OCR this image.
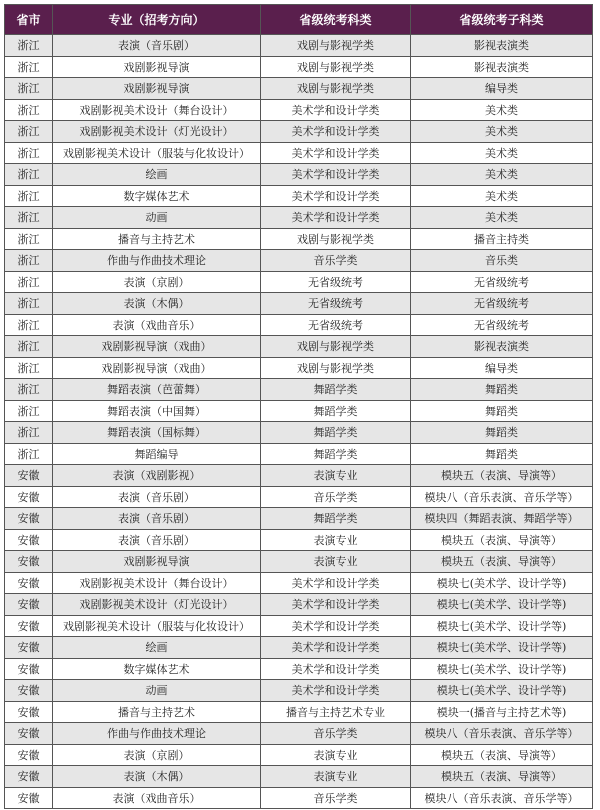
省市	专业（招考方向）	省级统考科类	省级统考子科类
浙江	表演（音乐剧）	戏剧与影视学类	影视表演类
浙江	戏剧影视导演	戏剧与影视学类	影视表演类
浙江	戏剧影视导演	戏剧与影视学类	编导类
浙江	戏剧影视美术设计（舞台设计）	美术学和设计学类	美术类
浙江	戏剧影视美术设计（灯光设计）	美术学和设计学类	美术类
浙江	戏剧影视美术设计（服装与化妆设计）	美术学和设计学类	美术类
浙江	绘画	美术学和设计学类	美术类
浙江	数字媒体艺术	美术学和设计学类	美术类
浙江	动画	美术学和设计学类	美术类
浙江	播音与主持艺术	戏剧与影视学类	播音主持类
浙江	作曲与作曲技术理论	音乐学类	音乐类
浙江	表演（京剧）	无省级统考	无省级统考
浙江	表演（木偶）	无省级统考	无省级统考
浙江	表演（戏曲音乐）	无省级统考	无省级统考
浙江	戏剧影视导演（戏曲）	戏剧与影视学类	影视表演类
浙江	戏剧影视导演（戏曲）	戏剧与影视学类	编导类
浙江	舞蹈表演（芭蕾舞）	舞蹈学类	舞蹈类
浙江	舞蹈表演（中国舞）	舞蹈学类	舞蹈类
浙江	舞蹈表演（国标舞）	舞蹈学类	舞蹈类
浙江	舞蹈编导	舞蹈学类	舞蹈类
安徽	表演（戏剧影视）	表演专业	模块五（表演、导演等）
安徽	表演（音乐剧）	音乐学类	模块八（音乐表演、音乐学等）
安徽	表演（音乐剧）	舞蹈学类	模块四（舞蹈表演、舞蹈学等）
安徽	表演（音乐剧）	表演专业	模块五（表演、导演等）
安徽	戏剧影视导演	表演专业	模块五（表演、导演等）
安徽	戏剧影视美术设计（舞台设计）	美术学和设计学类	模块七(美术学、设计学等)
安徽	戏剧影视美术设计（灯光设计）	美术学和设计学类	模块七(美术学、设计学等)
安徽	戏剧影视美术设计（服装与化妆设计）	美术学和设计学类	模块七(美术学、设计学等)
安徽	绘画	美术学和设计学类	模块七(美术学、设计学等)
安徽	数字媒体艺术	美术学和设计学类	模块七(美术学、设计学等)
安徽	动画	美术学和设计学类	模块七(美术学、设计学等)
安徽	播音与主持艺术	播音与主持艺术专业	模块一(播音与主持艺术等)
安徽	作曲与作曲技术理论	音乐学类	模块八（音乐表演、音乐学等）
安徽	表演（京剧）	表演专业	模块五（表演、导演等）
安徽	表演（木偶）	表演专业	模块五（表演、导演等）
安徽	表演（戏曲音乐）	音乐学类	模块八（音乐表演、音乐学等）
